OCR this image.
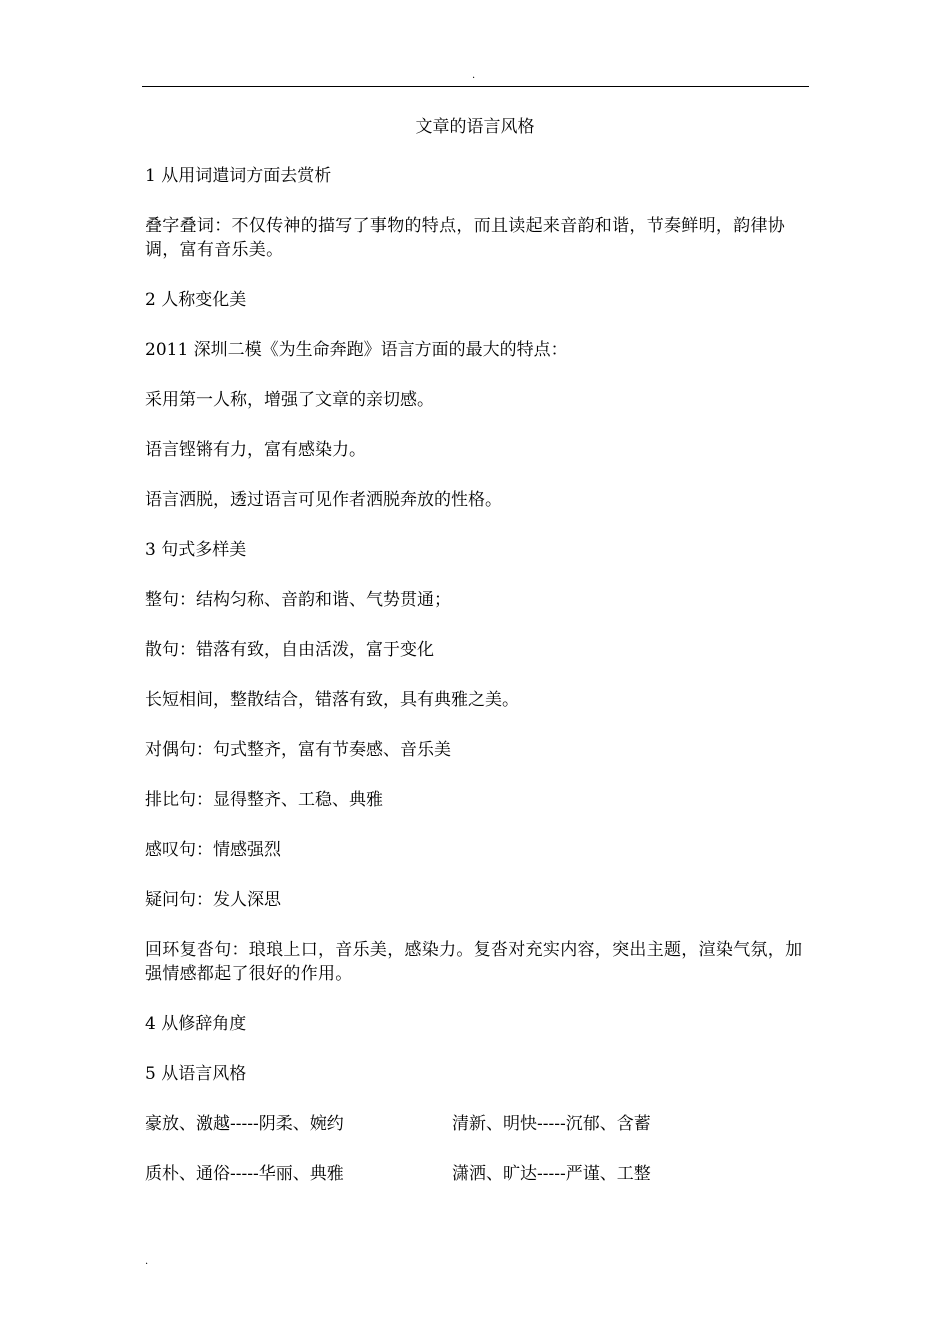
.
文章的语言风格

1 从用词遣词方面去赏析

叠字叠词：不仅传神的描写了事物的特点，而且读起来音韵和谐，节奏鲜明，韵律协调，富有音乐美。

2 人称变化美

2011 深圳二模《为生命奔跑》语言方面的最大的特点：

采用第一人称，增强了文章的亲切感。

语言铿锵有力，富有感染力。

语言洒脱，透过语言可见作者洒脱奔放的性格。

3 句式多样美

整句：结构匀称、音韵和谐、气势贯通；

散句：错落有致，自由活泼，富于变化

长短相间，整散结合，错落有致，具有典雅之美。

对偶句：句式整齐，富有节奏感、音乐美

排比句：显得整齐、工稳、典雅

感叹句：情感强烈

疑问句：发人深思

回环复沓句：琅琅上口，音乐美，感染力。复沓对充实内容，突出主题，渲染气氛，加强情感都起了很好的作用。

4 从修辞角度

5 从语言风格

豪放、激越-----阴柔、婉约	清新、明快-----沉郁、含蓄
质朴、通俗-----华丽、典雅	潇洒、旷达-----严谨、工整
.
